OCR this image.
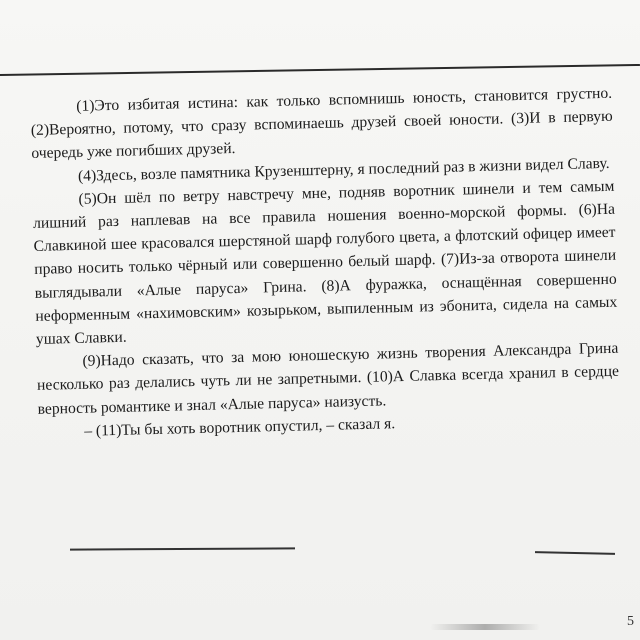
(1)Это избитая истина: как только вспомнишь юность, становится грустно. (2)Вероятно, потому, что сразу вспоминаешь друзей своей юности. (3)И в первую очередь уже погибших друзей.

(4)Здесь, возле памятника Крузенштерну, я последний раз в жизни видел Славу.

(5)Он шёл по ветру навстречу мне, подняв воротник шинели и тем самым лишний раз наплевав на все правила ношения военно-морской формы. (6)На Славкиной шее красовался шерстяной шарф голубого цвета, а флотский офицер имеет право носить только чёрный или совершенно белый шарф. (7)Из-за отворота шинели выглядывали «Алые паруса» Грина. (8)А фуражка, оснащённая совершенно неформенным «нахимовским» козырьком, выпиленным из эбонита, сидела на самых ушах Славки.

(9)Надо сказать, что за мою юношескую жизнь творения Александра Грина несколько раз делались чуть ли не запретными. (10)А Славка всегда хранил в сердце верность романтике и знал «Алые паруса» наизусть.

– (11)Ты бы хоть воротник опустил, – сказал я.

5
